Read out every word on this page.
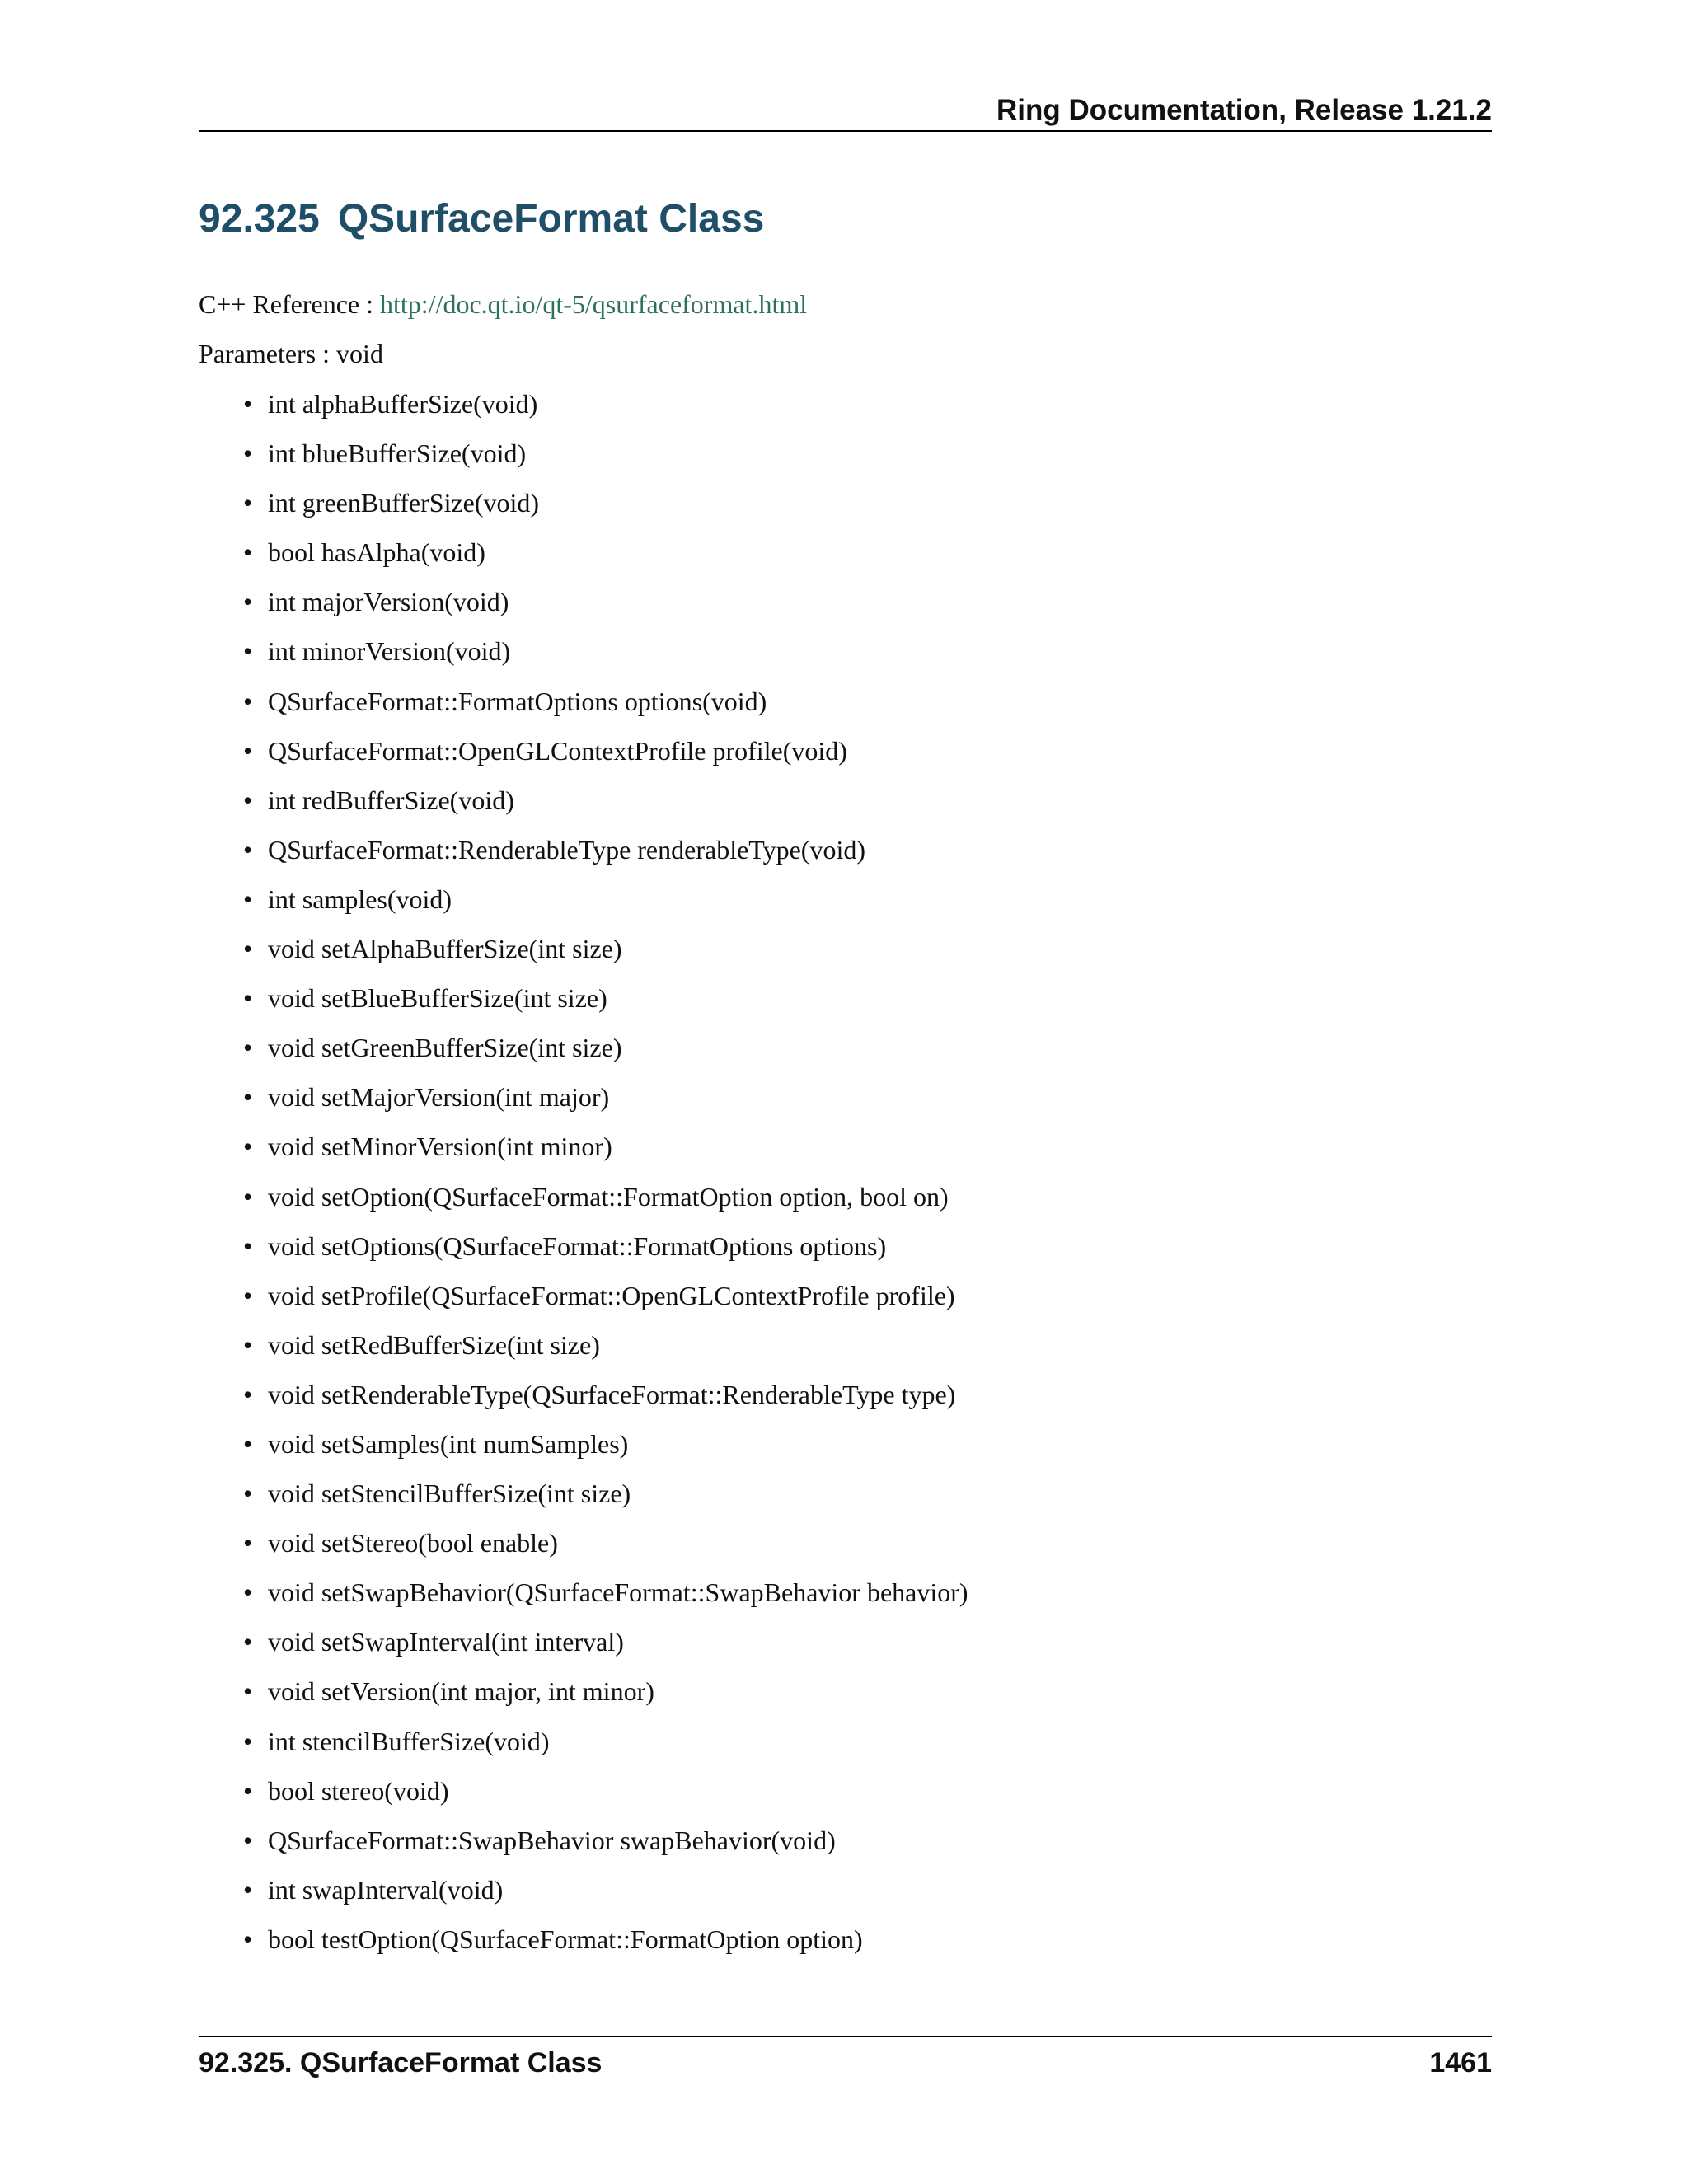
Ring Documentation, Release 1.21.2
92.325 QSurfaceFormat Class
C++ Reference : http://doc.qt.io/qt-5/qsurfaceformat.html
Parameters : void
• int alphaBufferSize(void)
• int blueBufferSize(void)
• int greenBufferSize(void)
• bool hasAlpha(void)
• int majorVersion(void)
• int minorVersion(void)
• QSurfaceFormat::FormatOptions options(void)
• QSurfaceFormat::OpenGLContextProfile profile(void)
• int redBufferSize(void)
• QSurfaceFormat::RenderableType renderableType(void)
• int samples(void)
• void setAlphaBufferSize(int size)
• void setBlueBufferSize(int size)
• void setGreenBufferSize(int size)
• void setMajorVersion(int major)
• void setMinorVersion(int minor)
• void setOption(QSurfaceFormat::FormatOption option, bool on)
• void setOptions(QSurfaceFormat::FormatOptions options)
• void setProfile(QSurfaceFormat::OpenGLContextProfile profile)
• void setRedBufferSize(int size)
• void setRenderableType(QSurfaceFormat::RenderableType type)
• void setSamples(int numSamples)
• void setStencilBufferSize(int size)
• void setStereo(bool enable)
• void setSwapBehavior(QSurfaceFormat::SwapBehavior behavior)
• void setSwapInterval(int interval)
• void setVersion(int major, int minor)
• int stencilBufferSize(void)
• bool stereo(void)
• QSurfaceFormat::SwapBehavior swapBehavior(void)
• int swapInterval(void)
• bool testOption(QSurfaceFormat::FormatOption option)
92.325. QSurfaceFormat Class	1461
